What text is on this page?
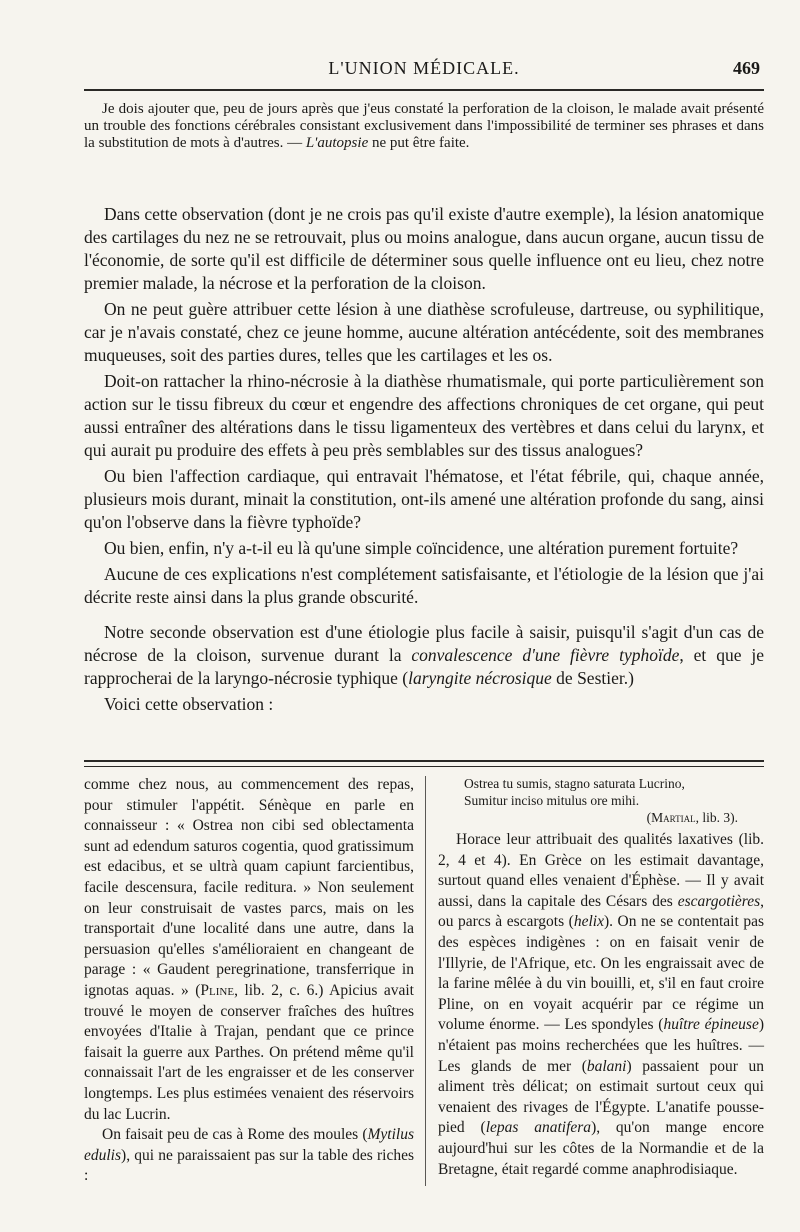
L'UNION MÉDICALE.	469

Je dois ajouter que, peu de jours après que j'eus constaté la perforation de la cloison, le malade avait présenté un trouble des fonctions cérébrales consistant exclusivement dans l'impossibilité de terminer ses phrases et dans la substitution de mots à d'autres. — L'autopsie ne put être faite.

Dans cette observation (dont je ne crois pas qu'il existe d'autre exemple), la lésion anatomique des cartilages du nez ne se retrouvait, plus ou moins analogue, dans aucun organe, aucun tissu de l'économie, de sorte qu'il est difficile de déterminer sous quelle influence ont eu lieu, chez notre premier malade, la nécrose et la perforation de la cloison.

On ne peut guère attribuer cette lésion à une diathèse scrofuleuse, dartreuse, ou syphilitique, car je n'avais constaté, chez ce jeune homme, aucune altération antécédente, soit des membranes muqueuses, soit des parties dures, telles que les cartilages et les os.

Doit-on rattacher la rhino-nécrosie à la diathèse rhumatismale, qui porte particulièrement son action sur le tissu fibreux du cœur et engendre des affections chroniques de cet organe, qui peut aussi entraîner des altérations dans le tissu ligamenteux des vertèbres et dans celui du larynx, et qui aurait pu produire des effets à peu près semblables sur des tissus analogues?

Ou bien l'affection cardiaque, qui entravait l'hématose, et l'état fébrile, qui, chaque année, plusieurs mois durant, minait la constitution, ont-ils amené une altération profonde du sang, ainsi qu'on l'observe dans la fièvre typhoïde?

Ou bien, enfin, n'y a-t-il eu là qu'une simple coïncidence, une altération purement fortuite?

Aucune de ces explications n'est complétement satisfaisante, et l'étiologie de la lésion que j'ai décrite reste ainsi dans la plus grande obscurité.

Notre seconde observation est d'une étiologie plus facile à saisir, puisqu'il s'agit d'un cas de nécrose de la cloison, survenue durant la convalescence d'une fièvre typhoïde, et que je rapprocherai de la laryngo-nécrosie typhique (laryngite nécrosique de Sestier.)

Voici cette observation :

comme chez nous, au commencement des repas, pour stimuler l'appétit. Sénèque en parle en connaisseur : « Ostrea non cibi sed oblectamenta sunt ad edendum saturos cogentia, quod gratissimum est edacibus, et se ultrà quam capiunt farcientibus, facile descensura, facile reditura. » Non seulement on leur construisait de vastes parcs, mais on les transportait d'une localité dans une autre, dans la persuasion qu'elles s'amélioraient en changeant de parage : « Gaudent peregrinatione, transferrique in ignotas aquas. » (Pline, lib. 2, c. 6.) Apicius avait trouvé le moyen de conserver fraîches des huîtres envoyées d'Italie à Trajan, pendant que ce prince faisait la guerre aux Parthes. On prétend même qu'il connaissait l'art de les engraisser et de les conserver longtemps. Les plus estimées venaient des réservoirs du lac Lucrin.

On faisait peu de cas à Rome des moules (Mytilus edulis), qui ne paraissaient pas sur la table des riches :

Ostrea tu sumis, stagno saturata Lucrino,

Sumitur inciso mitulus ore mihi.

(Martial, lib. 3).

Horace leur attribuait des qualités laxatives (lib. 2, 4 et 4). En Grèce on les estimait davantage, surtout quand elles venaient d'Éphèse. — Il y avait aussi, dans la capitale des Césars des escargotières, ou parcs à escargots (helix). On ne se contentait pas des espèces indigènes : on en faisait venir de l'Illyrie, de l'Afrique, etc. On les engraissait avec de la farine mêlée à du vin bouilli, et, s'il en faut croire Pline, on en voyait acquérir par ce régime un volume énorme. — Les spondyles (huître épineuse) n'étaient pas moins recherchées que les huîtres. — Les glands de mer (balani) passaient pour un aliment très délicat; on estimait surtout ceux qui venaient des rivages de l'Égypte. L'anatife pousse-pied (lepas anatifera), qu'on mange encore aujourd'hui sur les côtes de la Normandie et de la Bretagne, était regardé comme anaphrodisiaque.
